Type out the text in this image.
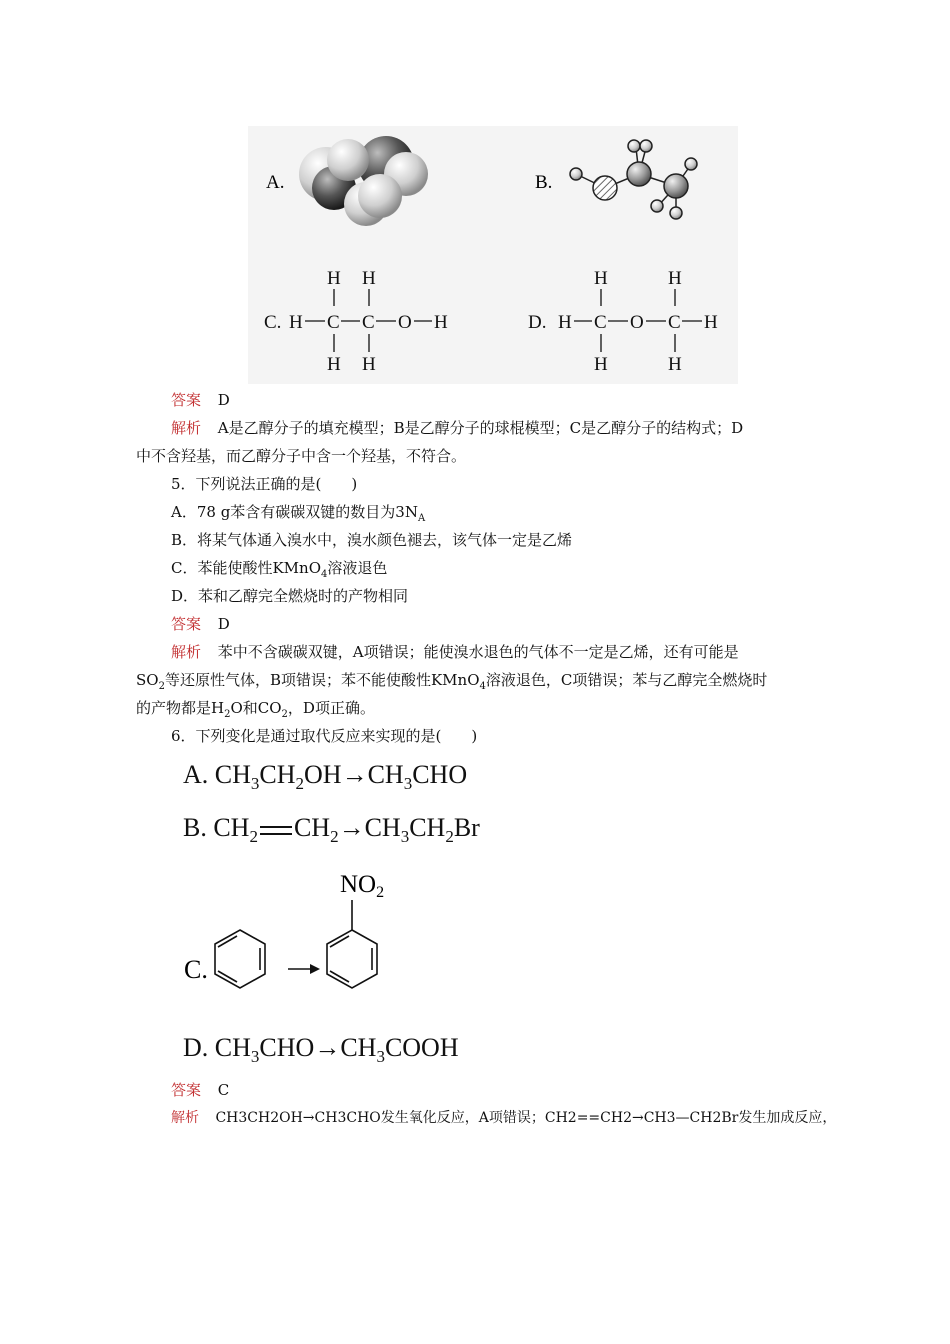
A.	B.
C. H C C O H
H H
H H
D. H C O C H
H	H
H	H
答案 D
解析 A是乙醇分子的填充模型；B是乙醇分子的球棍模型；C是乙醇分子的结构式；D
中不含羟基，而乙醇分子中含一个羟基，不符合。
5．下列说法正确的是(　　)
A．78 g苯含有碳碳双键的数目为$3N_A$
B．将某气体通入溴水中，溴水颜色褪去，该气体一定是乙烯
C．苯能使酸性KMnO$_4$溶液退色
D．苯和乙醇完全燃烧时的产物相同
答案 D
解析 苯中不含碳碳双键，A项错误；能使溴水退色的气体不一定是乙烯，还有可能是
$SO_2$等还原性气体，B项错误；苯不能使酸性KMnO$_4$溶液退色，C项错误；苯与乙醇完全燃烧时
的产物都是$H_2O$和$CO_2$，D项正确。
6．下列变化是通过取代反应来实现的是(　　)
A. $CH_3CH_2OH\to CH_3CHO$
B. $CH_2$ $CH_2\to CH_3CH_2Br$
C.
$NO_2$
D. $CH_3CHO\to CH_3COOH$
答案 C
解析 CH3CH2OH→CH3CHO发生氧化反应，A项错误；CH2==CH2→CH3—CH2Br发生加成反应，
